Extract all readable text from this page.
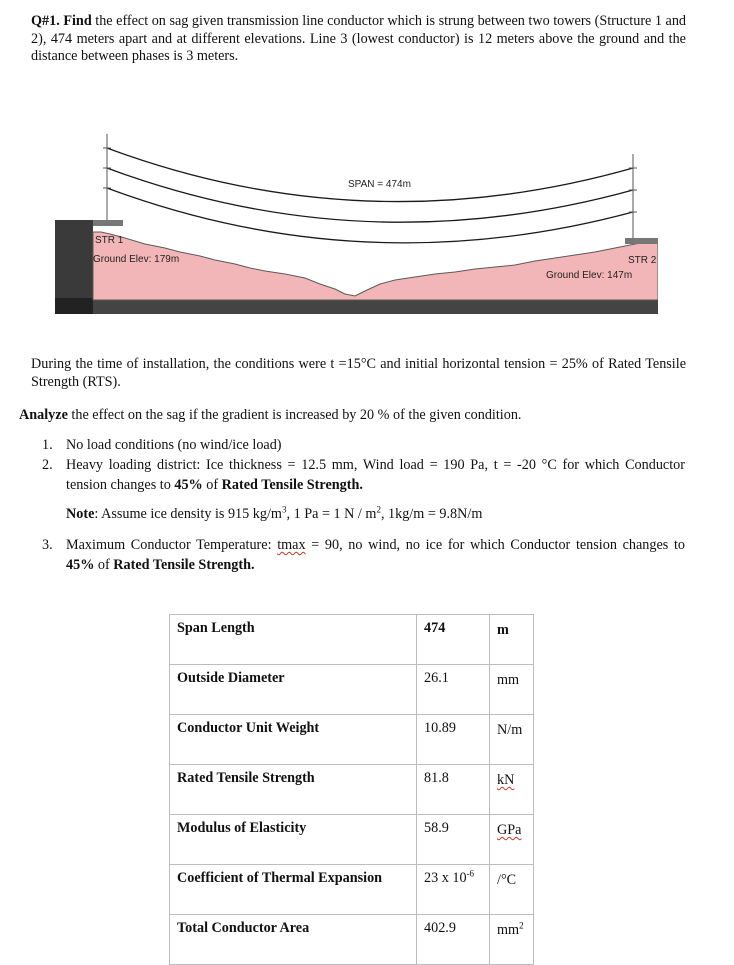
Q#1. Find the effect on sag given transmission line conductor which is strung between two towers (Structure 1 and 2), 474 meters apart and at different elevations. Line 3 (lowest conductor) is 12 meters above the ground and the distance between phases is 3 meters.
SPAN = 474m
STR 1
Ground Elev: 179m	STR 2
Ground Elev: 147m
During the time of installation, the conditions were t =15°C and initial horizontal tension = 25% of Rated Tensile Strength (RTS).
Analyze the effect on the sag if the gradient is increased by 20 % of the given condition.
1. No load conditions (no wind/ice load)
2. Heavy loading district: Ice thickness = 12.5 mm, Wind load = 190 Pa, t = -20 °C for which Conductor tension changes to 45% of Rated Tensile Strength.
Note: Assume ice density is 915 $kg/m^3$, 1 Pa = 1 N / $m^2$, 1kg/m = 9.8N/m
3. Maximum Conductor Temperature: tmax = 90, no wind, no ice for which Conductor tension changes to 45% of Rated Tensile Strength.
Span Length	474	m
Outside Diameter	26.1	mm
Conductor Unit Weight	10.89	N/m
Rated Tensile Strength	81.8	kN
Modulus of Elasticity	58.9	GPa
Coefficient of Thermal Expansion	23 x $10^{-6}$	/°C
Total Conductor Area	402.9	$mm^2$
